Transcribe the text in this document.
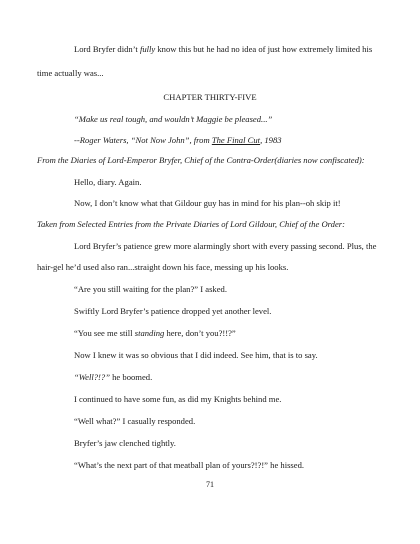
Lord Bryfer didn’t fully know this but he had no idea of just how extremely limited his
time actually was...
CHAPTER THIRTY-FIVE
“Make us real tough, and wouldn’t Maggie be pleased...”
--Roger Waters, “Not Now John”, from The Final Cut, 1983
From the Diaries of Lord-Emperor Bryfer, Chief of the Contra-Order(diaries now confiscated):
Hello, diary. Again.
Now, I don’t know what that Gildour guy has in mind for his plan--oh skip it!
Taken from Selected Entries from the Private Diaries of Lord Gildour, Chief of the Order:
Lord Bryfer’s patience grew more alarmingly short with every passing second. Plus, the
hair-gel he’d used also ran...straight down his face, messing up his looks.
“Are you still waiting for the plan?” I asked.
Swiftly Lord Bryfer’s patience dropped yet another level.
“You see me still standing here, don’t you?!!?”
Now I knew it was so obvious that I did indeed. See him, that is to say.
“Well?!?” he boomed.
I continued to have some fun, as did my Knights behind me.
“Well what?” I casually responded.
Bryfer’s jaw clenched tightly.
“What’s the next part of that meatball plan of yours?!?!” he hissed.
71
